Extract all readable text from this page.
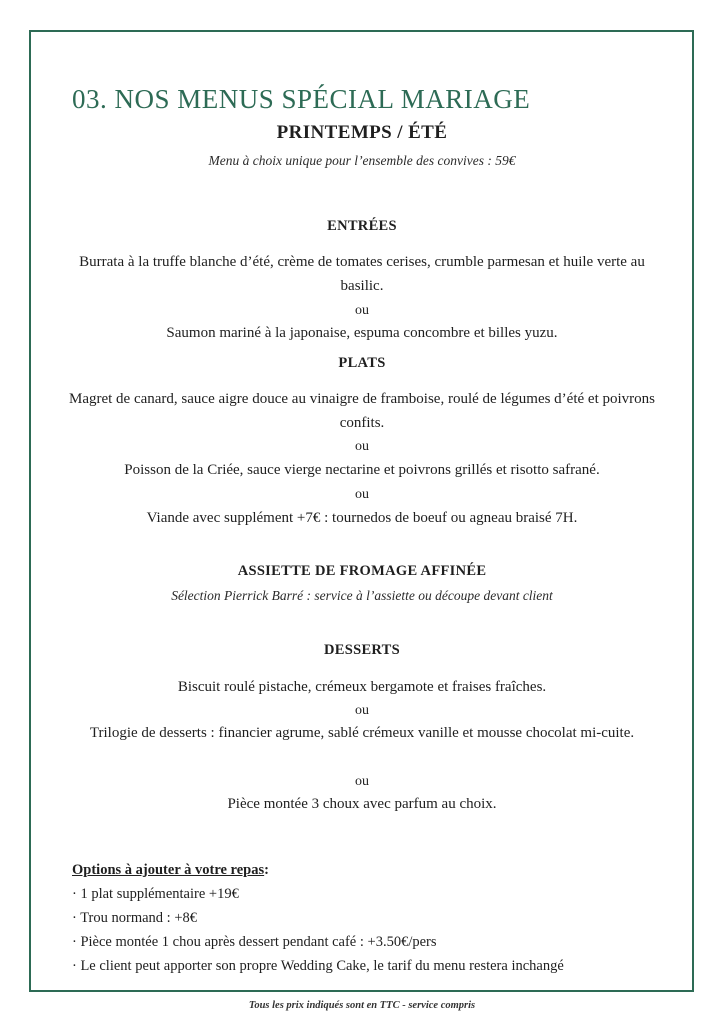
03. NOS MENUS SPÉCIAL MARIAGE
PRINTEMPS / ÉTÉ
Menu à choix unique pour l’ensemble des convives : 59€
ENTRÉES
Burrata à la truffe blanche d’été, crème de tomates cerises, crumble parmesan et huile verte au basilic.
ou
Saumon mariné à la japonaise, espuma concombre et billes yuzu.
PLATS
Magret de canard, sauce aigre douce au vinaigre de framboise, roulé de légumes d’été et poivrons confits.
ou
Poisson de la Criée, sauce vierge nectarine et poivrons grillés et risotto safrané.
ou
Viande avec supplément +7€ : tournedos de boeuf ou agneau braisé 7H.
ASSIETTE DE FROMAGE AFFINÉE
Sélection Pierrick Barré : service à l’assiette ou découpe devant client
DESSERTS
Biscuit roulé pistache, crémeux bergamote et fraises fraîches.
ou
Trilogie de desserts : financier agrume, sablé crémeux vanille et mousse chocolat mi-cuite.
ou
Pièce montée 3 choux avec parfum au choix.
Options à ajouter à votre repas:
· 1 plat supplémentaire +19€
· Trou normand : +8€
· Pièce montée 1 chou après dessert pendant café : +3.50€/pers
· Le client peut apporter son propre Wedding Cake, le tarif du menu restera inchangé
Tous les prix indiqués sont en TTC - service compris
